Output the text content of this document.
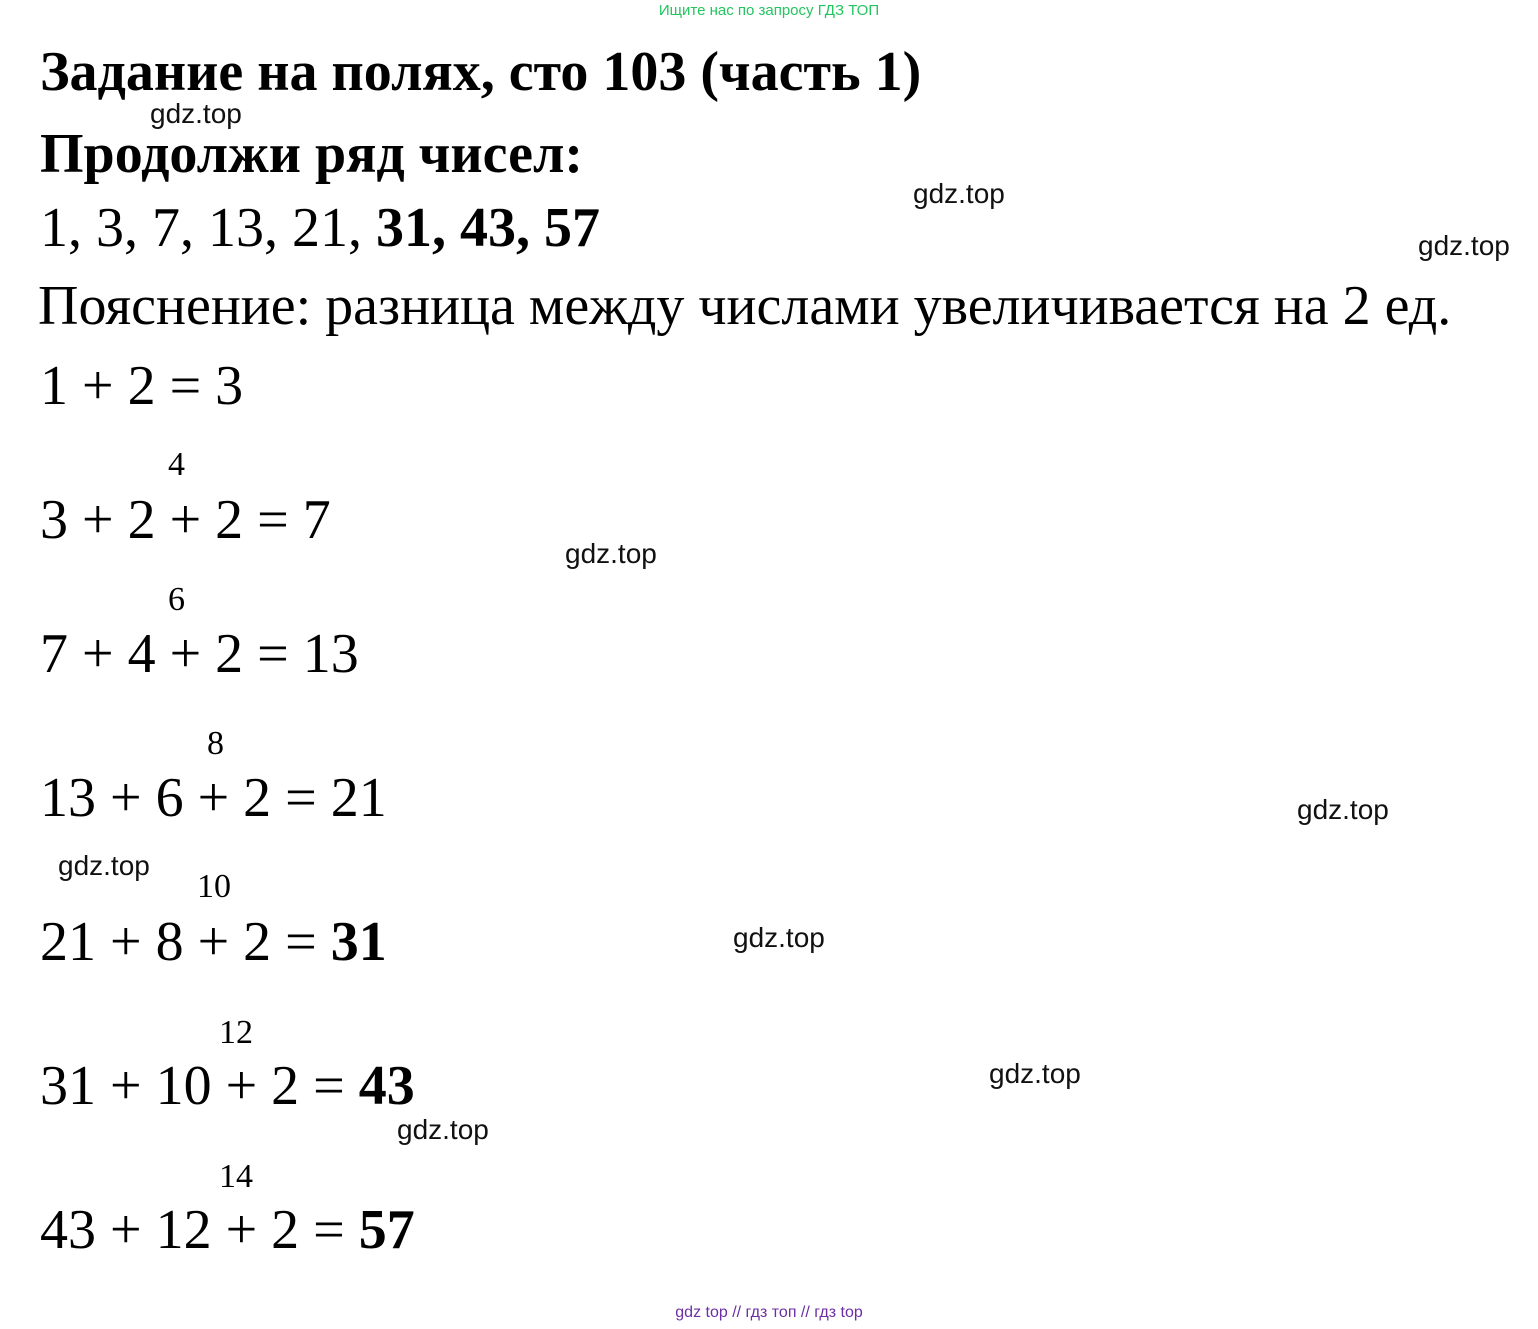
Ищите нас по запросу ГДЗ ТОП
Задание на полях, сто 103 (часть 1)
Продолжи ряд чисел:
1, 3, 7, 13, 21, 31, 43, 57
Пояснение: разница между числами увеличивается на 2 ед.
1 + 2 = 3
4
3 + 2 + 2 = 7
6
7 + 4 + 2 = 13
8
13 + 6 + 2 = 21
10
21 + 8 + 2 = 31
12
31 + 10 + 2 = 43
14
43 + 12 + 2 = 57
gdz.top
gdz.top
gdz.top
gdz.top
gdz.top
gdz.top
gdz.top
gdz.top
gdz.top
gdz top // гдз топ // гдз top
